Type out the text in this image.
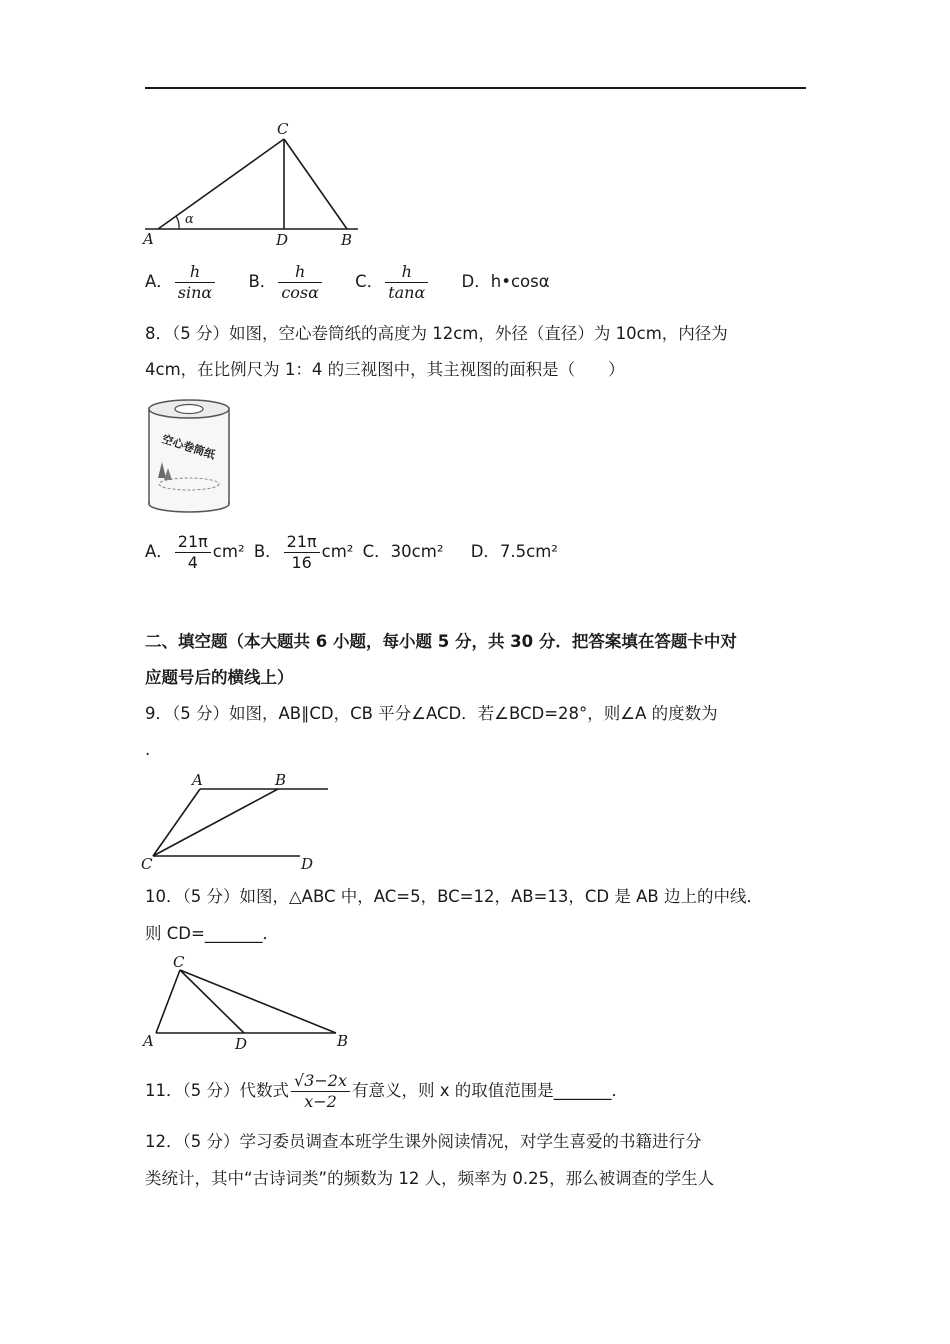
C
A	D	B
α
A． $\frac{h}{\sin\alpha}$ B． $\frac{h}{\cos\alpha}$ C． $\frac{h}{\tan\alpha}$ D．h•cosα
8．（5 分）如图，空心卷筒纸的高度为 12cm，外径（直径）为 10cm，内径为
4cm，在比例尺为 1：4 的三视图中，其主视图的面积是（　　）
空心卷筒纸
A． $\frac{21\pi}{4} cm^2$ B． $\frac{21\pi}{16} cm^2$ C．30cm² D．7.5cm²
二、填空题（本大题共 6 小题，每小题 5 分，共 30 分．把答案填在答题卡中对
应题号后的横线上）
9．（5 分）如图，AB∥CD，CB 平分∠ACD．若∠BCD=28°，则∠A 的度数为
.
A	B
C	D
10．（5 分）如图，△ABC 中，AC=5，BC=12，AB=13，CD 是 AB 边上的中线．
则 CD=_______．
C
A	D	B
11．（5 分）代数式 $\frac{√3-2x}{x-2}$ 有意义，则 x 的取值范围是_______．
12．（5 分）学习委员调查本班学生课外阅读情况，对学生喜爱的书籍进行分
类统计，其中“古诗词类”的频数为 12 人，频率为 0.25，那么被调查的学生人
